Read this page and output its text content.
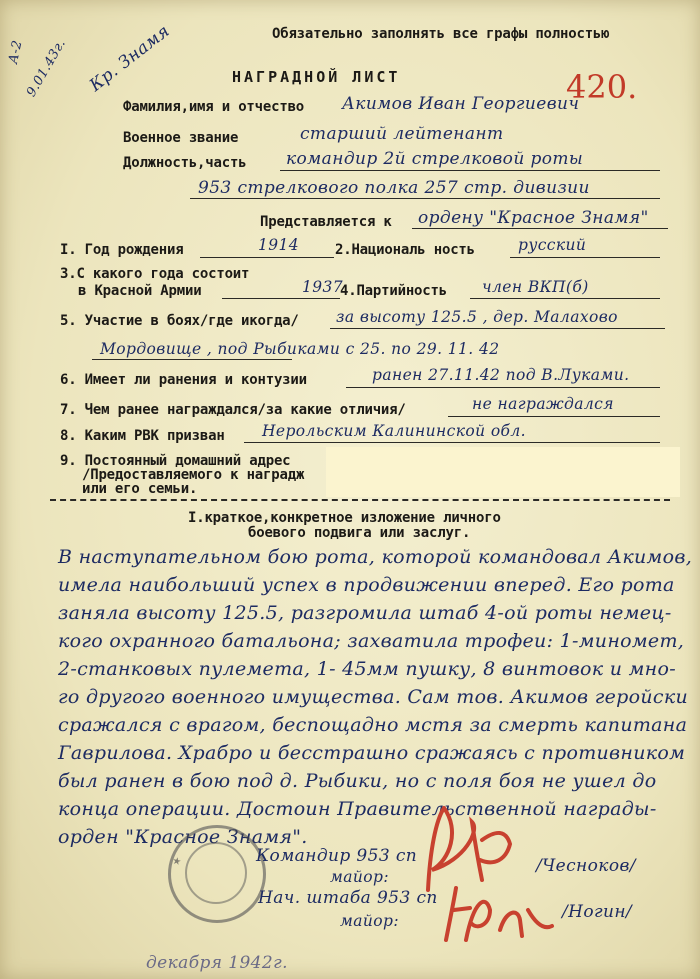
Обязательно заполнять все графы полностью
НАГРАДНОЙ ЛИСТ
А-2
9.01.43г. Кр. Знамя	420.
Фамилия,имя и отчество Акимов Иван Георгиевич
Военное звание	старший лейтенант
Должность,часть командир 2й стрелковой роты
953 стрелкового полка 257 стр. дивизии
Представляется к ордену "Красное Знамя"
I. Год рождения	1914	2.Националь ность	русский
3.С какого года состоит
в Красной Армии	1937
4.Партийность член ВКП(б)
5. Участие в боях/где икогда/ за высоту 125.5 , дер. Малахово
Мордовище , под Рыбиками с 25. по 29. 11. 42
6. Имеет ли ранения и контузии	ранен 27.11.42 под В.Луками.
7. Чем ранее награждался/за какие отличия/	не награждался
8. Каким РВК призван Нерольским Калининской обл.
9. Постоянный домашний адрес
/Предоставляемого к наградж
или его семьи.
I.краткое,конкретное изложение личного
боевого подвига или заслуг.
В наступательном бою рота, которой командовал Акимов,
имела наибольший успех в продвижении вперед. Его рота
заняла высоту 125.5, разгромила штаб 4-ой роты немец-
кого охранного батальона; захватила трофеи: 1-миномет,
2-станковых пулемета, 1- 45мм пушку, 8 винтовок и мно-
го другого военного имущества. Сам тов. Акимов геройски
сражался с врагом, беспощадно мстя за смерть капитана
Гаврилова. Храбро и бесстрашно сражаясь с противником
был ранен в бою под д. Рыбики, но с поля боя не ушел до
конца операции. Достоин Правительственной награды-
орден "Красное Знамя".
★	Командир 953 сп
майор:
/Чесноков/
Нач. штаба 953 сп
майор:	/Ногин/
декабря 1942г.
